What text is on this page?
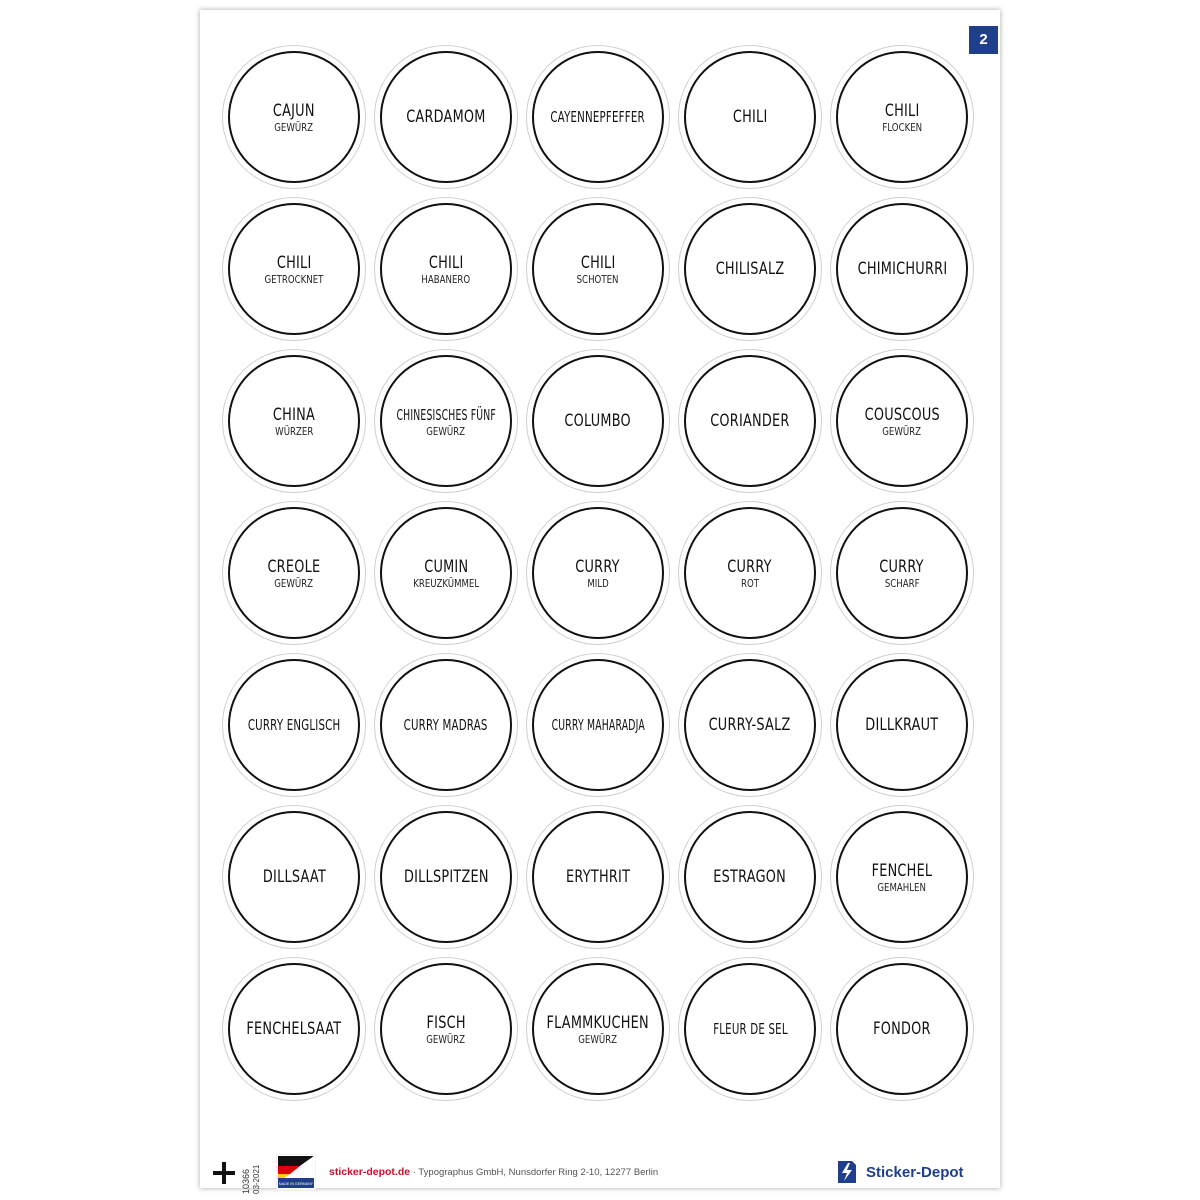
2
CAJUN
GEWÜRZ
CARDAMOM	CAYENNEPFEFFER	CHILI	CHILI
FLOCKEN
CHILI
GETROCKNET
CHILI
HABANERO
CHILI
SCHOTEN
CHILISALZ	CHIMICHURRI
CHINA
WÜRZER
CHINESISCHES FÜNF
GEWÜRZ
COLUMBO	CORIANDER	COUSCOUS
GEWÜRZ
CREOLE
GEWÜRZ
CUMIN
KREUZKÜMMEL
CURRY
MILD
CURRY
ROT
CURRY
SCHARF
CURRY ENGLISCH	CURRY MADRAS	CURRY MAHARADJA	CURRY-SALZ	DILLKRAUT
DILLSAAT	DILLSPITZEN	ERYTHRIT	ESTRAGON	FENCHEL
GEMAHLEN
FENCHELSAAT	FISCH
GEWÜRZ
FLAMMKUCHEN
GEWÜRZ
FLEUR DE SEL	FONDOR
10366 03-2021	MADE IN GERMANY
sticker-depot.de · Typographus GmbH, Nunsdorfer Ring 2-10, 12277 Berlin	Sticker-Depot
